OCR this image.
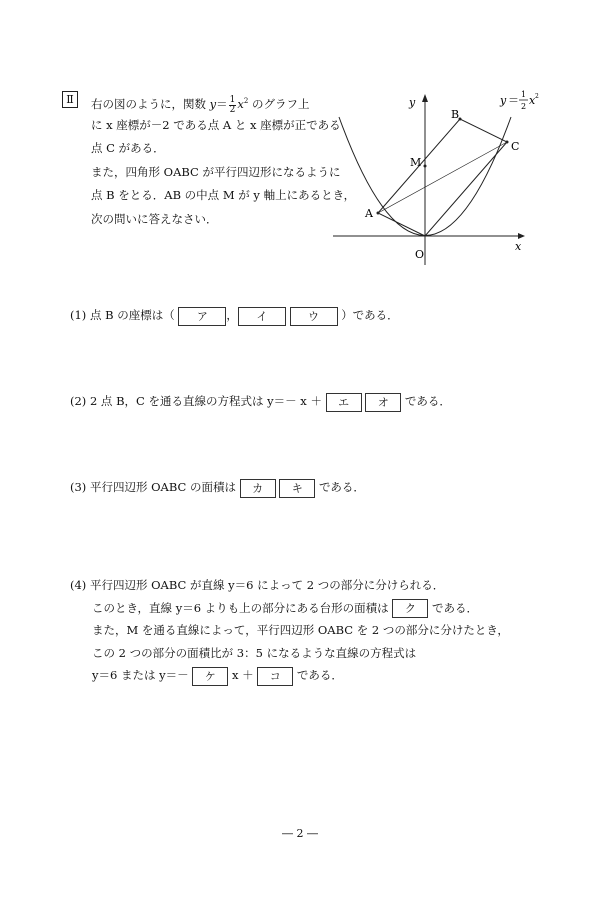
Ⅱ	右の図のように，関数 $y= \frac{1}{2} x^2$ のグラフ上
に x 座標が－2 である点 A と x 座標が正である
点 C がある．
また，四角形 OABC が平行四辺形になるように
点 B をとる．AB の中点 M が y 軸上にあるとき，
次の問いに答えなさい．	A
B
C
M
O
x
y	y ＝ 1
2 x 2
(1) 点 B の座標は（ ア ， イ	ウ ）である．
(2) 2 点 B，C を通る直線の方程式は y＝－ x ＋ エ	オ である．
(3) 平行四辺形 OABC の面積は カ	キ である．
(4) 平行四辺形 OABC が直線 y＝6 によって 2 つの部分に分けられる．
このとき，直線 y＝6 よりも上の部分にある台形の面積は ク である．
また，M を通る直線によって，平行四辺形 OABC を 2 つの部分に分けたとき，
この 2 つの部分の面積比が 3：5 になるような直線の方程式は
y＝6 または y＝－ ケ x ＋ コ である．
― 2 ―
